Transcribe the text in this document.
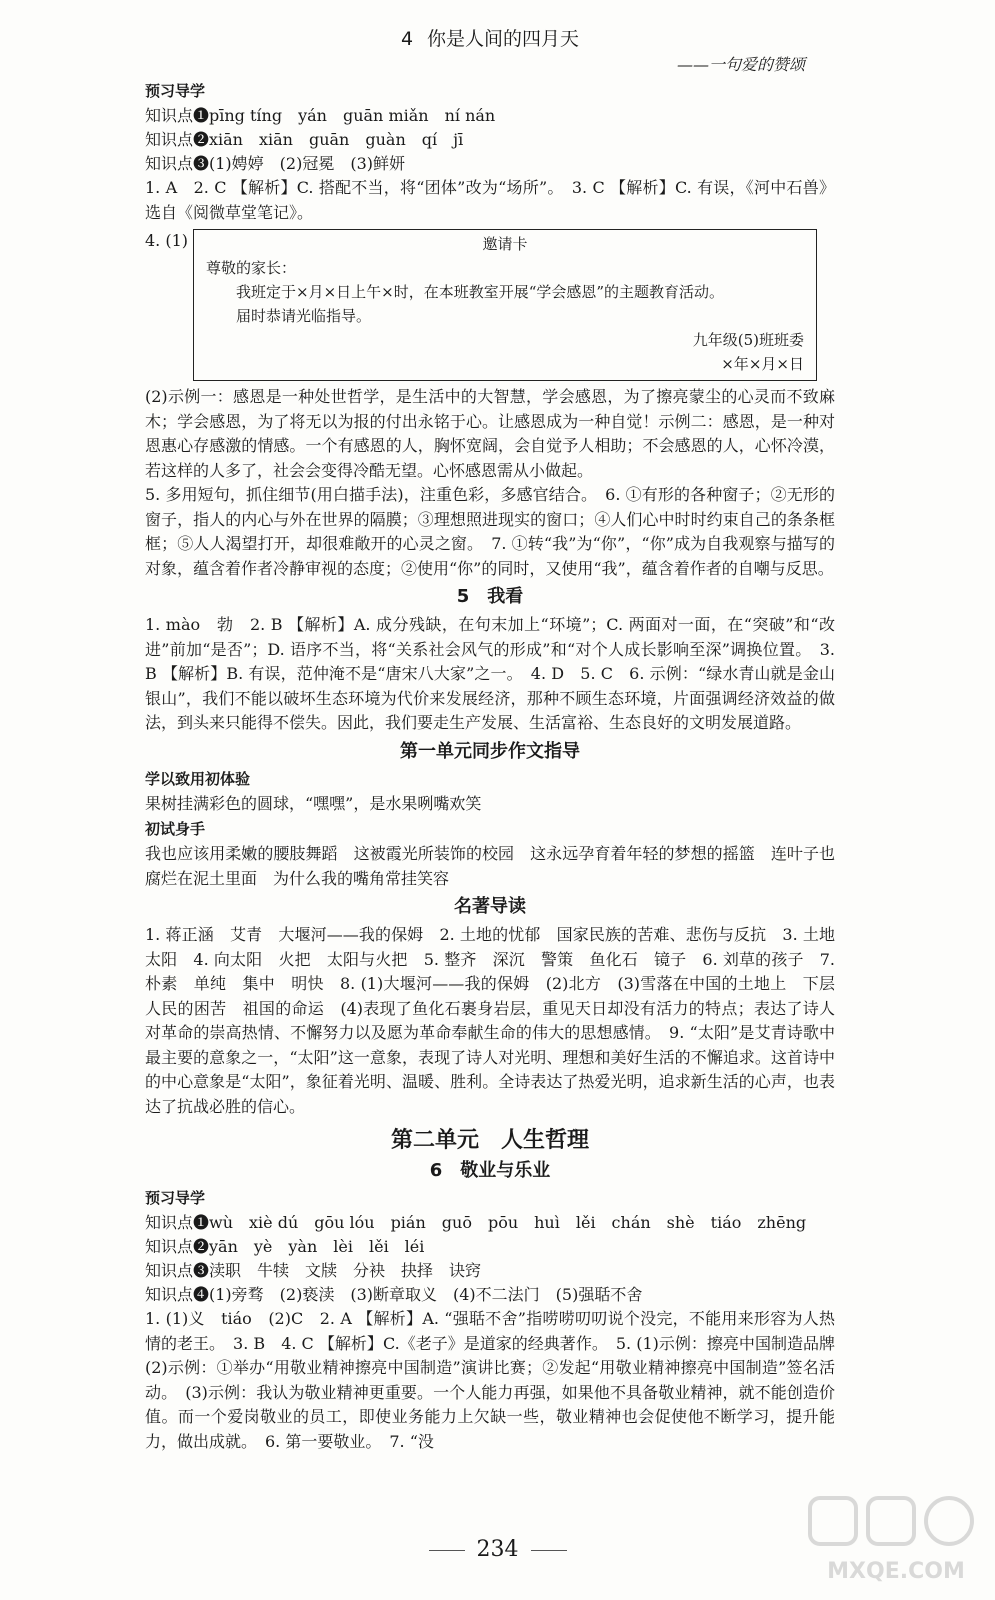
4 你是人间的四月天

——一句爱的赞颂

预习导学

知识点❶pīng tíng　yán　guān miǎn　ní nán

知识点❷xiān　xiān　guān　guàn　qí　jī

知识点❸(1)娉婷　(2)冠冕　(3)鲜妍

1. A　2. C 【解析】C. 搭配不当，将“团体”改为“场所”。　3. C 【解析】C. 有误，《河中石兽》选自《阅微草堂笔记》。

4. (1)	邀请卡

尊敬的家长：

我班定于×月×日上午×时，在本班教室开展“学会感恩”的主题教育活动。

届时恭请光临指导。

九年级(5)班班委

×年×月×日

(2)示例一：感恩是一种处世哲学，是生活中的大智慧，学会感恩，为了擦亮蒙尘的心灵而不致麻木；学会感恩，为了将无以为报的付出永铭于心。让感恩成为一种自觉！示例二：感恩，是一种对恩惠心存感激的情感。一个有感恩的人，胸怀宽阔，会自觉予人相助；不会感恩的人，心怀冷漠，若这样的人多了，社会会变得冷酷无望。心怀感恩需从小做起。

5. 多用短句，抓住细节(用白描手法)，注重色彩，多感官结合。　6. ①有形的各种窗子；②无形的窗子，指人的内心与外在世界的隔膜；③理想照进现实的窗口；④人们心中时时约束自己的条条框框；⑤人人渴望打开，却很难敞开的心灵之窗。　7. ①转“我”为“你”，“你”成为自我观察与描写的对象，蕴含着作者冷静审视的态度；②使用“你”的同时，又使用“我”，蕴含着作者的自嘲与反思。

5　我看

1. mào　勃　2. B 【解析】A. 成分残缺，在句末加上“环境”；C. 两面对一面，在“突破”和“改进”前加“是否”；D. 语序不当，将“关系社会风气的形成”和“对个人成长影响至深”调换位置。　3. B 【解析】B. 有误，范仲淹不是“唐宋八大家”之一。　4. D　5. C　6. 示例：“绿水青山就是金山银山”，我们不能以破坏生态环境为代价来发展经济，那种不顾生态环境，片面强调经济效益的做法，到头来只能得不偿失。因此，我们要走生产发展、生活富裕、生态良好的文明发展道路。

第一单元同步作文指导
学以致用初体验

果树挂满彩色的圆球，“嘿嘿”，是水果咧嘴欢笑

初试身手

我也应该用柔嫩的腰肢舞蹈　这被霞光所装饰的校园　这永远孕育着年轻的梦想的摇篮　连叶子也腐烂在泥土里面　为什么我的嘴角常挂笑容

名著导读

1. 蒋正涵　艾青　大堰河——我的保姆　2. 土地的忧郁　国家民族的苦难、悲伤与反抗　3. 土地　太阳　4. 向太阳　火把　太阳与火把　5. 整齐　深沉　警策　鱼化石　镜子　6. 刘草的孩子　7. 朴素　单纯　集中　明快　8. (1)大堰河——我的保姆　(2)北方　(3)雪落在中国的土地上　下层人民的困苦　祖国的命运　(4)表现了鱼化石裹身岩层，重见天日却没有活力的特点；表达了诗人对革命的崇高热情、不懈努力以及愿为革命奉献生命的伟大的思想感情。　9. “太阳”是艾青诗歌中最主要的意象之一，“太阳”这一意象，表现了诗人对光明、理想和美好生活的不懈追求。这首诗中的中心意象是“太阳”，象征着光明、温暖、胜利。全诗表达了热爱光明，追求新生活的心声，也表达了抗战必胜的信心。

第二单元　人生哲理
6　敬业与乐业
预习导学

知识点❶wù　xiè dú　gōu lóu　pián　guō　pōu　huì　lěi　chán　shè　tiáo　zhēng

知识点❷yān　yè　yàn　lèi　lěi　léi

知识点❸渎职　牛犊　文牍　分袂　抉择　诀窍

知识点❹(1)旁骛　(2)亵渎　(3)断章取义　(4)不二法门　(5)强聒不舍

1. (1)义　tiáo　(2)C　2. A 【解析】A. “强聒不舍”指唠唠叨叨说个没完，不能用来形容为人热情的老王。　3. B　4. C 【解析】C.《老子》是道家的经典著作。　5. (1)示例：擦亮中国制造品牌　(2)示例：①举办“用敬业精神擦亮中国制造”演讲比赛；②发起“用敬业精神擦亮中国制造”签名活动。　(3)示例：我认为敬业精神更重要。一个人能力再强，如果他不具备敬业精神，就不能创造价值。而一个爱岗敬业的员工，即使业务能力上欠缺一些，敬业精神也会促使他不断学习，提升能力，做出成就。　6. 第一要敬业。　7. “没

234
MXQE.COM
